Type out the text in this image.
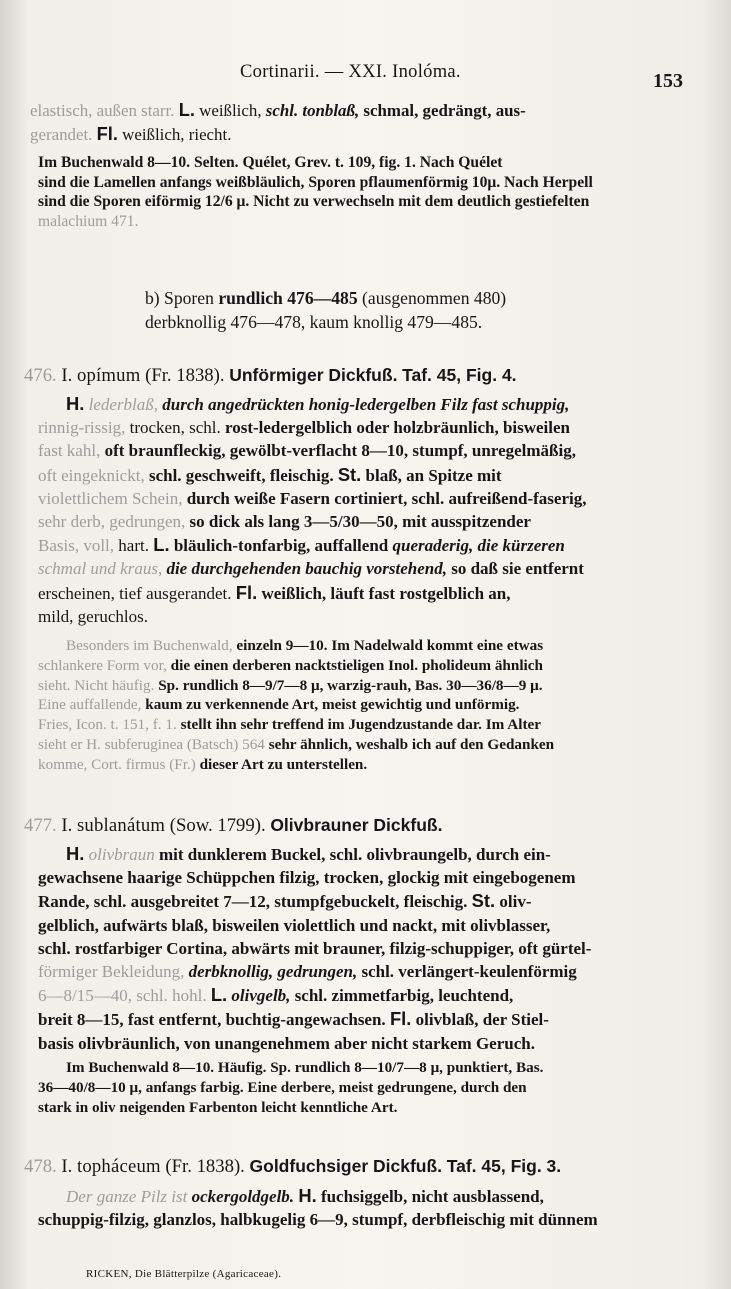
Cortinarii. — XXI. Inolóma.	153
elastisch, außen starr. L. weißlich, schl. tonblaß, schmal, gedrängt, aus-
gerandet. Fl. weißlich, riecht.
Im Buchenwald 8—10. Selten. Quélet, Grev. t. 109, fig. 1. Nach Quélet
sind die Lamellen anfangs weißbläulich, Sporen pflaumenförmig 10μ. Nach Herpell
sind die Sporen eiförmig 12/6 μ. Nicht zu verwechseln mit dem deutlich gestiefelten
malachium 471.
b) Sporen rundlich 476—485 (ausgenommen 480)
derbknollig 476—478, kaum knollig 479—485.
476. I. opímum (Fr. 1838). Unförmiger Dickfuß. Taf. 45, Fig. 4.
H. lederblaß, durch angedrückten honig-ledergelben Filz fast schuppig,
rinnig-rissig, trocken, schl. rost-ledergelblich oder holzbräunlich, bisweilen
fast kahl, oft braunfleckig, gewölbt-verflacht 8—10, stumpf, unregelmäßig,
oft eingeknickt, schl. geschweift, fleischig. St. blaß, an Spitze mit
violettlichem Schein, durch weiße Fasern cortiniert, schl. aufreißend-faserig,
sehr derb, gedrungen, so dick als lang 3—5/30—50, mit ausspitzender
Basis, voll, hart. L. bläulich-tonfarbig, auffallend queraderig, die kürzeren
schmal und kraus, die durchgehenden bauchig vorstehend, so daß sie entfernt
erscheinen, tief ausgerandet. Fl. weißlich, läuft fast rostgelblich an,
mild, geruchlos.
Besonders im Buchenwald, einzeln 9—10. Im Nadelwald kommt eine etwas
schlankere Form vor, die einen derberen nacktstieligen Inol. pholideum ähnlich
sieht. Nicht häufig. Sp. rundlich 8—9/7—8 μ, warzig-rauh, Bas. 30—36/8—9 μ.
Eine auffallende, kaum zu verkennende Art, meist gewichtig und unförmig.
Fries, Icon. t. 151, f. 1. stellt ihn sehr treffend im Jugendzustande dar. Im Alter
sieht er H. subferuginea (Batsch) 564 sehr ähnlich, weshalb ich auf den Gedanken
komme, Cort. firmus (Fr.) dieser Art zu unterstellen.
477. I. sublanátum (Sow. 1799). Olivbrauner Dickfuß.
H. olivbraun mit dunklerem Buckel, schl. olivbraungelb, durch ein-
gewachsene haarige Schüppchen filzig, trocken, glockig mit eingebogenem
Rande, schl. ausgebreitet 7—12, stumpfgebuckelt, fleischig. St. oliv-
gelblich, aufwärts blaß, bisweilen violettlich und nackt, mit olivblasser,
schl. rostfarbiger Cortina, abwärts mit brauner, filzig-schuppiger, oft gürtel-
förmiger Bekleidung, derbknollig, gedrungen, schl. verlängert-keulenförmig
6—8/15—40, schl. hohl. L. olivgelb, schl. zimmetfarbig, leuchtend,
breit 8—15, fast entfernt, buchtig-angewachsen. Fl. olivblaß, der Stiel-
basis olivbräunlich, von unangenehmem aber nicht starkem Geruch.
Im Buchenwald 8—10. Häufig. Sp. rundlich 8—10/7—8 μ, punktiert, Bas.
36—40/8—10 μ, anfangs farbig. Eine derbere, meist gedrungene, durch den
stark in oliv neigenden Farbenton leicht kenntliche Art.
478. I. topháceum (Fr. 1838). Goldfuchsiger Dickfuß. Taf. 45, Fig. 3.
Der ganze Pilz ist ockergoldgelb. H. fuchsiggelb, nicht ausblassend,
schuppig-filzig, glanzlos, halbkugelig 6—9, stumpf, derbfleischig mit dünnem
RICKEN, Die Blätterpilze (Agaricaceae).
